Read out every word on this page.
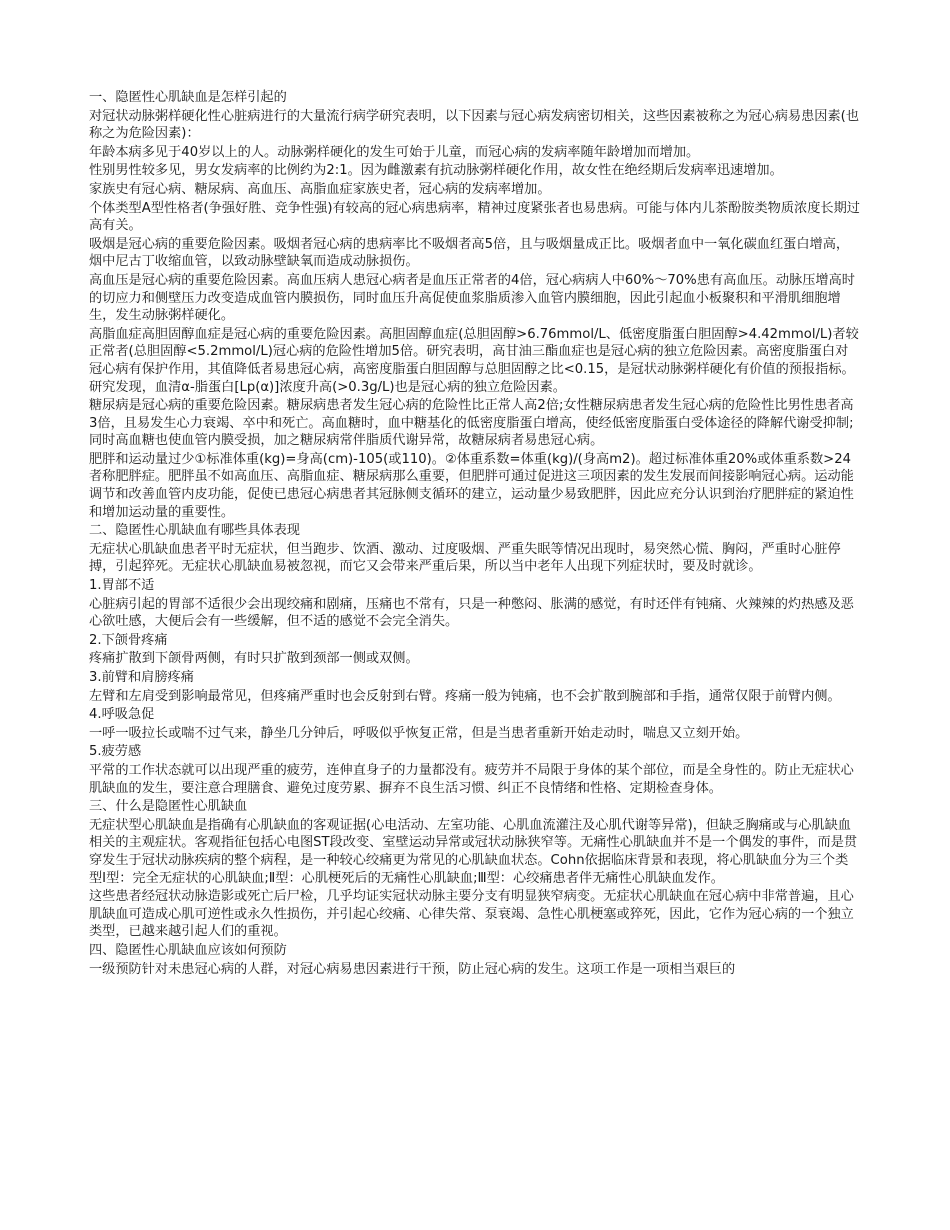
一、隐匿性心肌缺血是怎样引起的

对冠状动脉粥样硬化性心脏病进行的大量流行病学研究表明，以下因素与冠心病发病密切相关，这些因素被称之为冠心病易患因素(也称之为危险因素)：

年龄本病多见于40岁以上的人。动脉粥样硬化的发生可始于儿童，而冠心病的发病率随年龄增加而增加。

性别男性较多见，男女发病率的比例约为2:1。因为雌激素有抗动脉粥样硬化作用，故女性在绝经期后发病率迅速增加。

家族史有冠心病、糖尿病、高血压、高脂血症家族史者，冠心病的发病率增加。

个体类型A型性格者(争强好胜、竞争性强)有较高的冠心病患病率，精神过度紧张者也易患病。可能与体内儿茶酚胺类物质浓度长期过高有关。

吸烟是冠心病的重要危险因素。吸烟者冠心病的患病率比不吸烟者高5倍，且与吸烟量成正比。吸烟者血中一氧化碳血红蛋白增高，烟中尼古丁收缩血管，以致动脉壁缺氧而造成动脉损伤。

高血压是冠心病的重要危险因素。高血压病人患冠心病者是血压正常者的4倍，冠心病病人中60%～70%患有高血压。动脉压增高时的切应力和侧壁压力改变造成血管内膜损伤，同时血压升高促使血浆脂质渗入血管内膜细胞，因此引起血小板聚积和平滑肌细胞增生，发生动脉粥样硬化。

高脂血症高胆固醇血症是冠心病的重要危险因素。高胆固醇血症(总胆固醇>6.76mmol/L、低密度脂蛋白胆固醇>4.42mmol/L)者较正常者(总胆固醇<5.2mmol/L)冠心病的危险性增加5倍。研究表明，高甘油三酯血症也是冠心病的独立危险因素。高密度脂蛋白对冠心病有保护作用，其值降低者易患冠心病，高密度脂蛋白胆固醇与总胆固醇之比<0.15，是冠状动脉粥样硬化有价值的预报指标。研究发现，血清α-脂蛋白[Lp(α)]浓度升高(>0.3g/L)也是冠心病的独立危险因素。

糖尿病是冠心病的重要危险因素。糖尿病患者发生冠心病的危险性比正常人高2倍;女性糖尿病患者发生冠心病的危险性比男性患者高3倍，且易发生心力衰竭、卒中和死亡。高血糖时，血中糖基化的低密度脂蛋白增高，使经低密度脂蛋白受体途径的降解代谢受抑制;同时高血糖也使血管内膜受损，加之糖尿病常伴脂质代谢异常，故糖尿病者易患冠心病。

肥胖和运动量过少①标准体重(kg)=身高(cm)-105(或110)。②体重系数=体重(kg)/(身高m2)。超过标准体重20%或体重系数>24者称肥胖症。肥胖虽不如高血压、高脂血症、糖尿病那么重要，但肥胖可通过促进这三项因素的发生发展而间接影响冠心病。运动能调节和改善血管内皮功能，促使已患冠心病患者其冠脉侧支循环的建立，运动量少易致肥胖，因此应充分认识到治疗肥胖症的紧迫性和增加运动量的重要性。

二、隐匿性心肌缺血有哪些具体表现

无症状心肌缺血患者平时无症状，但当跑步、饮酒、激动、过度吸烟、严重失眠等情况出现时，易突然心慌、胸闷，严重时心脏停搏，引起猝死。无症状心肌缺血易被忽视，而它又会带来严重后果，所以当中老年人出现下列症状时，要及时就诊。

1.胃部不适

心脏病引起的胃部不适很少会出现绞痛和剧痛，压痛也不常有，只是一种憋闷、胀满的感觉，有时还伴有钝痛、火辣辣的灼热感及恶心欲吐感，大便后会有一些缓解，但不适的感觉不会完全消失。

2.下颌骨疼痛

疼痛扩散到下颌骨两侧，有时只扩散到颈部一侧或双侧。

3.前臂和肩膀疼痛

左臂和左肩受到影响最常见，但疼痛严重时也会反射到右臂。疼痛一般为钝痛，也不会扩散到腕部和手指，通常仅限于前臂内侧。

4.呼吸急促

一呼一吸拉长或喘不过气来，静坐几分钟后，呼吸似乎恢复正常，但是当患者重新开始走动时，喘息又立刻开始。

5.疲劳感

平常的工作状态就可以出现严重的疲劳，连伸直身子的力量都没有。疲劳并不局限于身体的某个部位，而是全身性的。防止无症状心肌缺血的发生，要注意合理膳食、避免过度劳累、摒弃不良生活习惯、纠正不良情绪和性格、定期检查身体。

三、什么是隐匿性心肌缺血

无症状型心肌缺血是指确有心肌缺血的客观证据(心电活动、左室功能、心肌血流灌注及心肌代谢等异常)，但缺乏胸痛或与心肌缺血相关的主观症状。客观指征包括心电图ST段改变、室壁运动异常或冠状动脉狭窄等。无痛性心肌缺血并不是一个偶发的事件，而是贯穿发生于冠状动脉疾病的整个病程，是一种较心绞痛更为常见的心肌缺血状态。Cohn依据临床背景和表现，将心肌缺血分为三个类型Ⅰ型：完全无症状的心肌缺血;Ⅱ型：心肌梗死后的无痛性心肌缺血;Ⅲ型：心绞痛患者伴无痛性心肌缺血发作。

这些患者经冠状动脉造影或死亡后尸检，几乎均证实冠状动脉主要分支有明显狭窄病变。无症状心肌缺血在冠心病中非常普遍，且心肌缺血可造成心肌可逆性或永久性损伤，并引起心绞痛、心律失常、泵衰竭、急性心肌梗塞或猝死，因此，它作为冠心病的一个独立类型，已越来越引起人们的重视。

四、隐匿性心肌缺血应该如何预防

一级预防针对未患冠心病的人群，对冠心病易患因素进行干预，防止冠心病的发生。这项工作是一项相当艰巨的
